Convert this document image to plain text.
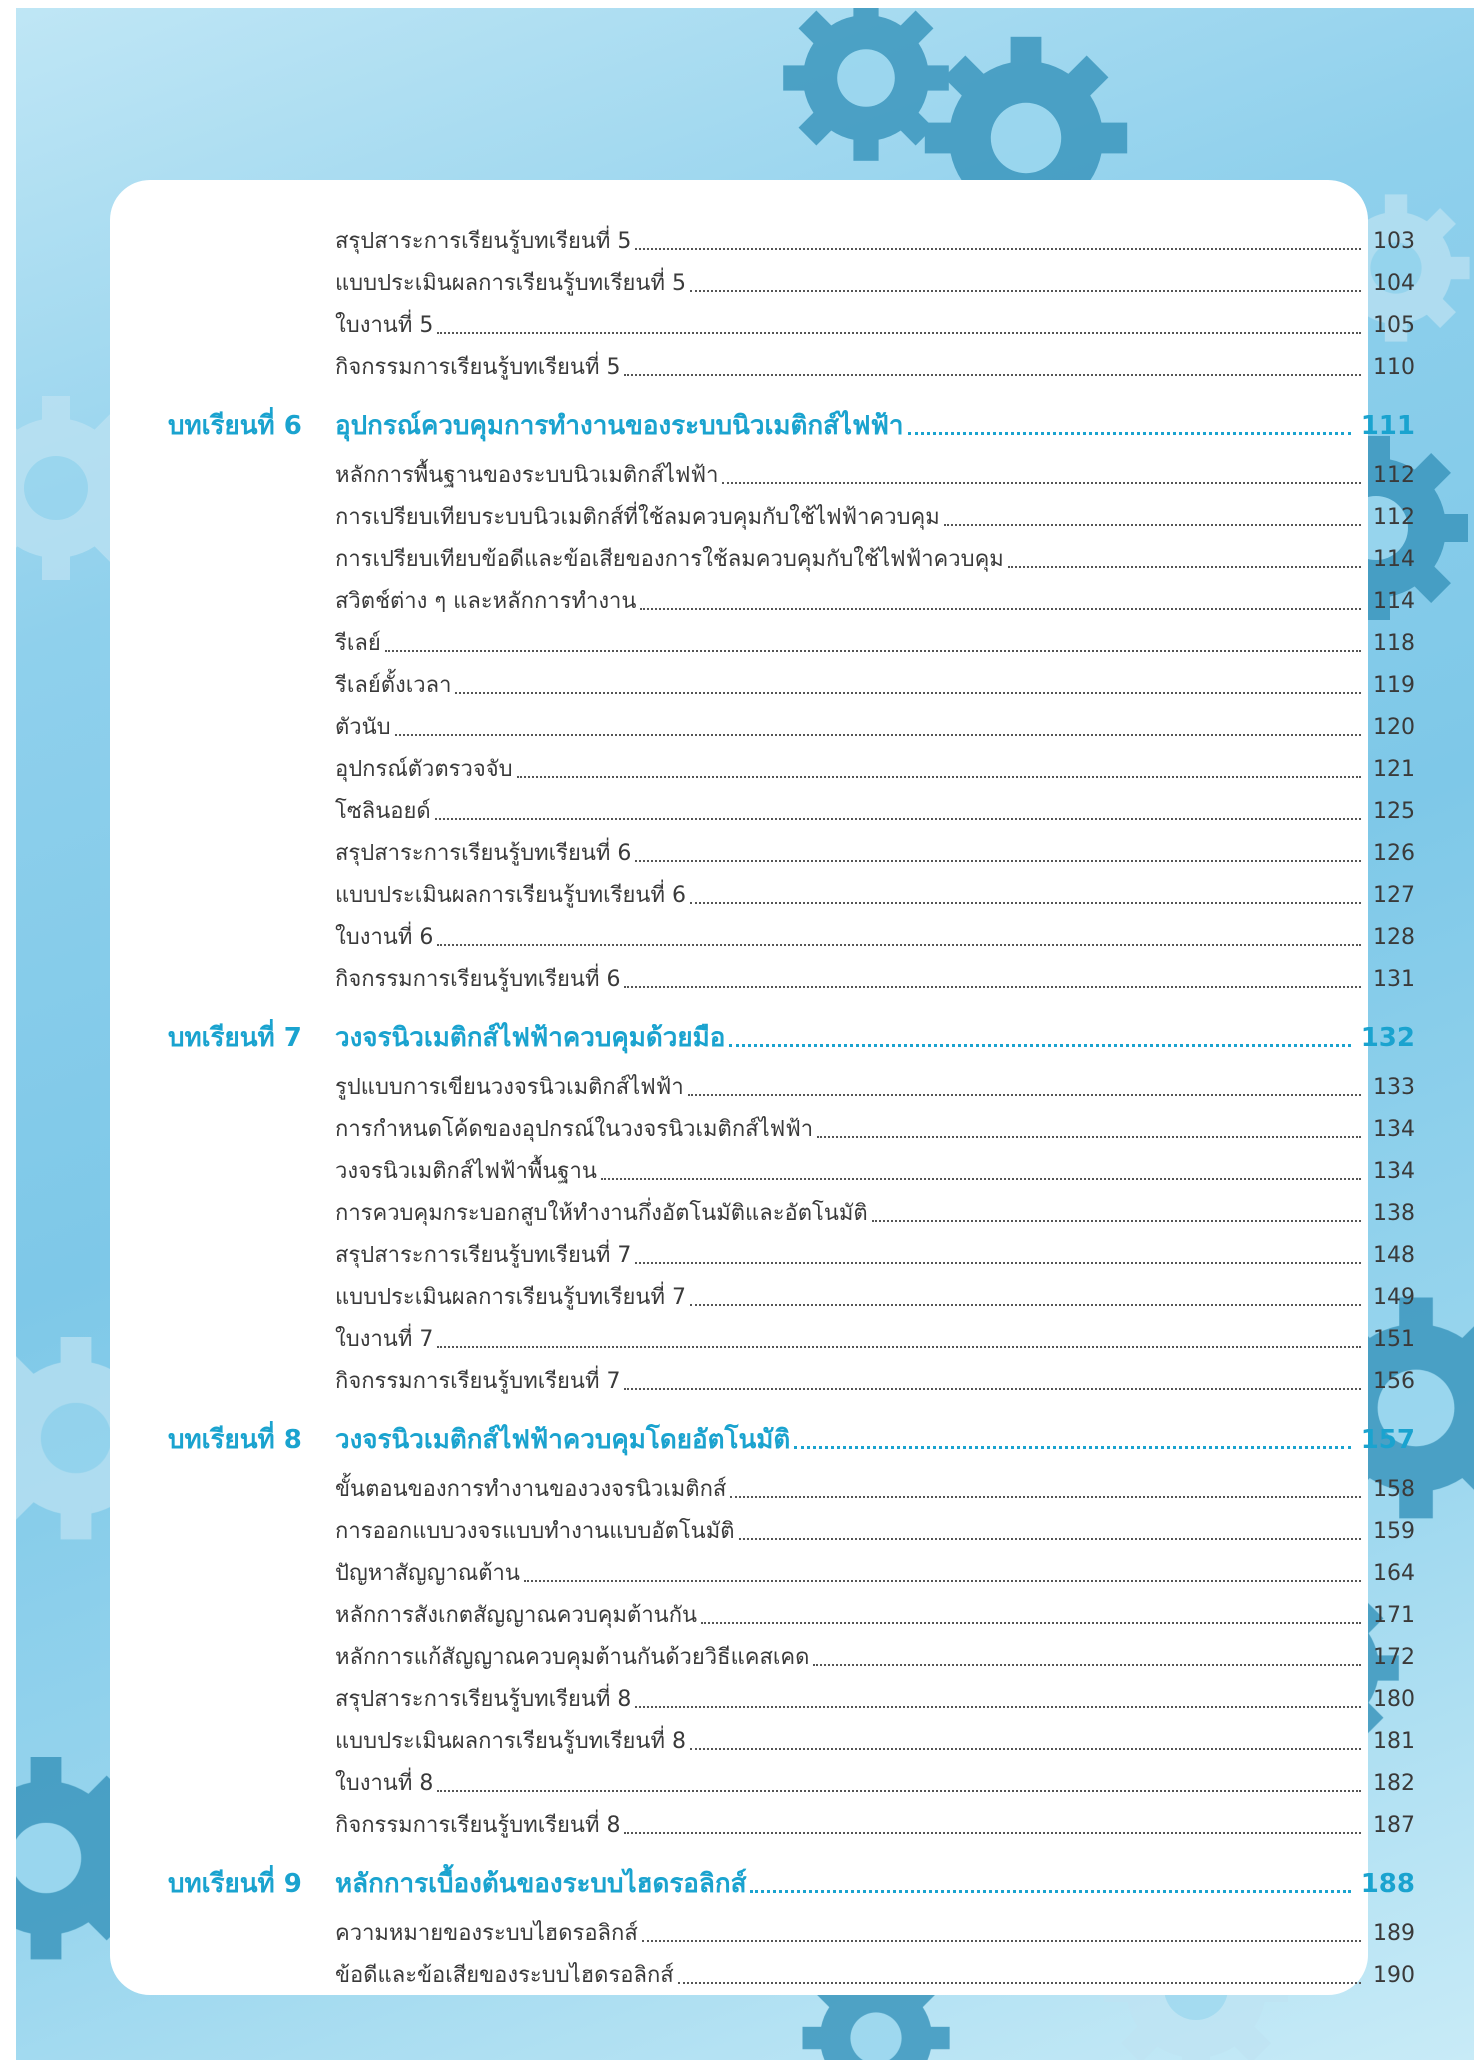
สรุปสาระการเรียนรู้บทเรียนที่ 5	103
แบบประเมินผลการเรียนรู้บทเรียนที่ 5	104
ใบงานที่ 5	105
กิจกรรมการเรียนรู้บทเรียนที่ 5	110
บทเรียนที่ 6	อุปกรณ์ควบคุมการทำงานของระบบนิวเมติกส์ไฟฟ้า	111
หลักการพื้นฐานของระบบนิวเมติกส์ไฟฟ้า	112
การเปรียบเทียบระบบนิวเมติกส์ที่ใช้ลมควบคุมกับใช้ไฟฟ้าควบคุม	112
การเปรียบเทียบข้อดีและข้อเสียของการใช้ลมควบคุมกับใช้ไฟฟ้าควบคุม	114
สวิตช์ต่าง ๆ และหลักการทำงาน	114
รีเลย์	118
รีเลย์ตั้งเวลา	119
ตัวนับ	120
อุปกรณ์ตัวตรวจจับ	121
โซลินอยด์	125
สรุปสาระการเรียนรู้บทเรียนที่ 6	126
แบบประเมินผลการเรียนรู้บทเรียนที่ 6	127
ใบงานที่ 6	128
กิจกรรมการเรียนรู้บทเรียนที่ 6	131
บทเรียนที่ 7	วงจรนิวเมติกส์ไฟฟ้าควบคุมด้วยมือ	132
รูปแบบการเขียนวงจรนิวเมติกส์ไฟฟ้า	133
การกำหนดโค้ดของอุปกรณ์ในวงจรนิวเมติกส์ไฟฟ้า	134
วงจรนิวเมติกส์ไฟฟ้าพื้นฐาน	134
การควบคุมกระบอกสูบให้ทำงานกึ่งอัตโนมัติและอัตโนมัติ	138
สรุปสาระการเรียนรู้บทเรียนที่ 7	148
แบบประเมินผลการเรียนรู้บทเรียนที่ 7	149
ใบงานที่ 7	151
กิจกรรมการเรียนรู้บทเรียนที่ 7	156
บทเรียนที่ 8	วงจรนิวเมติกส์ไฟฟ้าควบคุมโดยอัตโนมัติ	157
ขั้นตอนของการทำงานของวงจรนิวเมติกส์	158
การออกแบบวงจรแบบทำงานแบบอัตโนมัติ	159
ปัญหาสัญญาณต้าน	164
หลักการสังเกตสัญญาณควบคุมต้านกัน	171
หลักการแก้สัญญาณควบคุมต้านกันด้วยวิธีแคสเคด	172
สรุปสาระการเรียนรู้บทเรียนที่ 8	180
แบบประเมินผลการเรียนรู้บทเรียนที่ 8	181
ใบงานที่ 8	182
กิจกรรมการเรียนรู้บทเรียนที่ 8	187
บทเรียนที่ 9	หลักการเบื้องต้นของระบบไฮดรอลิกส์	188
ความหมายของระบบไฮดรอลิกส์	189
ข้อดีและข้อเสียของระบบไฮดรอลิกส์	190
